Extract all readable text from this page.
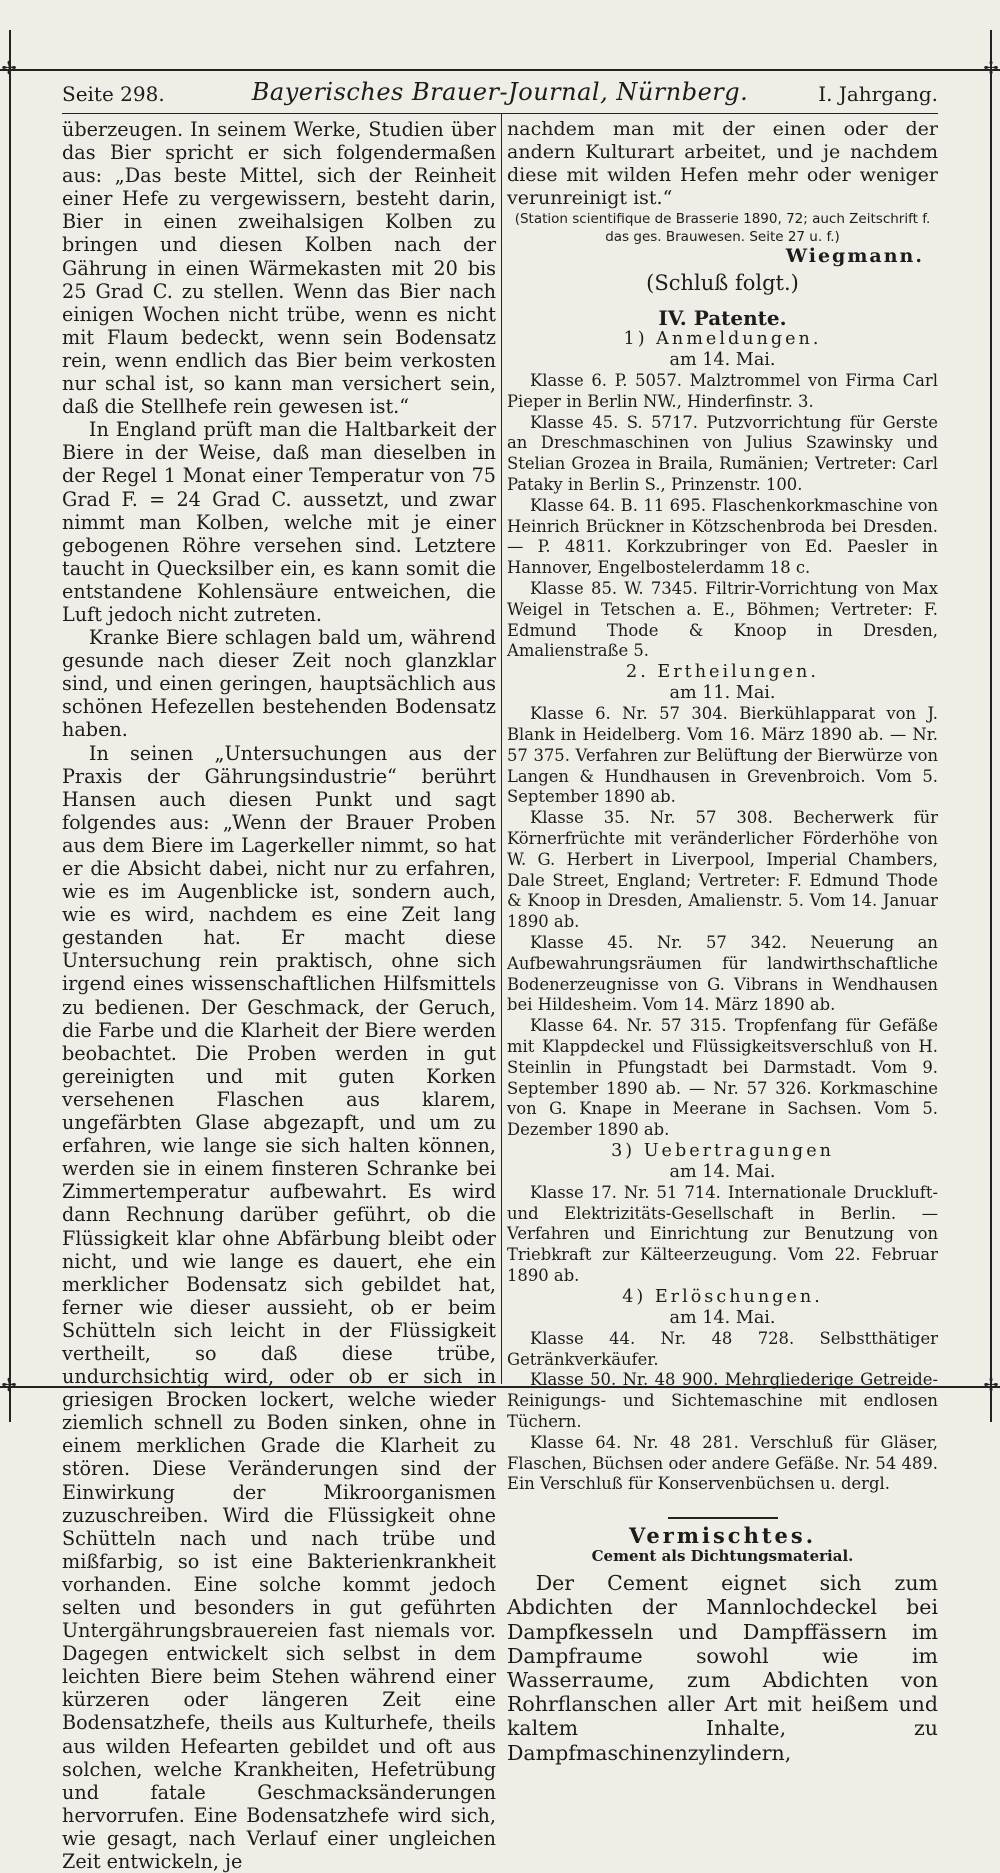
✢	✢
Seite 298.	Bayerisches Brauer-Journal, Nürnberg.	I. Jahrgang.
✢	✢

überzeugen. In seinem Werke, Studien über das Bier spricht er sich folgendermaßen aus: „Das beste Mittel, sich der Reinheit einer Hefe zu vergewissern, besteht darin, Bier in einen zweihalsigen Kolben zu bringen und diesen Kolben nach der Gährung in einen Wärmekasten mit 20 bis 25 Grad C. zu stellen. Wenn das Bier nach einigen Wochen nicht trübe, wenn es nicht mit Flaum bedeckt, wenn sein Bodensatz rein, wenn endlich das Bier beim verkosten nur schal ist, so kann man versichert sein, daß die Stellhefe rein gewesen ist.“

In England prüft man die Haltbarkeit der Biere in der Weise, daß man dieselben in der Regel 1 Monat einer Temperatur von 75 Grad F. = 24 Grad C. aussetzt, und zwar nimmt man Kolben, welche mit je einer gebogenen Röhre versehen sind. Letztere taucht in Quecksilber ein, es kann somit die entstandene Kohlensäure entweichen, die Luft jedoch nicht zutreten.

Kranke Biere schlagen bald um, während gesunde nach dieser Zeit noch glanzklar sind, und einen geringen, hauptsächlich aus schönen Hefezellen bestehenden Bodensatz haben.

In seinen „Untersuchungen aus der Praxis der Gährungsindustrie“ berührt Hansen auch diesen Punkt und sagt folgendes aus: „Wenn der Brauer Proben aus dem Biere im Lagerkeller nimmt, so hat er die Absicht dabei, nicht nur zu erfahren, wie es im Augenblicke ist, sondern auch, wie es wird, nachdem es eine Zeit lang gestanden hat. Er macht diese Untersuchung rein praktisch, ohne sich irgend eines wissenschaftlichen Hilfsmittels zu bedienen. Der Geschmack, der Geruch, die Farbe und die Klarheit der Biere werden beobachtet. Die Proben werden in gut gereinigten und mit guten Korken versehenen Flaschen aus klarem, ungefärbten Glase abgezapft, und um zu erfahren, wie lange sie sich halten können, werden sie in einem finsteren Schranke bei Zimmertemperatur aufbewahrt. Es wird dann Rechnung darüber geführt, ob die Flüssigkeit klar ohne Abfärbung bleibt oder nicht, und wie lange es dauert, ehe ein merklicher Bodensatz sich gebildet hat, ferner wie dieser aussieht, ob er beim Schütteln sich leicht in der Flüssigkeit vertheilt, so daß diese trübe, undurchsichtig wird, oder ob er sich in griesigen Brocken lockert, welche wieder ziemlich schnell zu Boden sinken, ohne in einem merklichen Grade die Klarheit zu stören. Diese Veränderungen sind der Einwirkung der Mikroorganismen zuzuschreiben. Wird die Flüssigkeit ohne Schütteln nach und nach trübe und mißfarbig, so ist eine Bakterienkrankheit vorhanden. Eine solche kommt jedoch selten und besonders in gut geführten Untergährungsbrauereien fast niemals vor. Dagegen entwickelt sich selbst in dem leichten Biere beim Stehen während einer kürzeren oder längeren Zeit eine Bodensatzhefe, theils aus Kulturhefe, theils aus wilden Hefearten gebildet und oft aus solchen, welche Krankheiten, Hefetrübung und fatale Geschmacksänderungen hervorrufen. Eine Bodensatzhefe wird sich, wie gesagt, nach Verlauf einer ungleichen Zeit entwickeln, je

nachdem man mit der einen oder der andern Kulturart arbeitet, und je nachdem diese mit wilden Hefen mehr oder weniger verunreinigt ist.“

(Station scientifique de Brasserie 1890, 72; auch Zeitschrift f. das ges. Brauwesen. Seite 27 u. f.)

Wiegmann.

(Schluß folgt.)

IV. Patente.

1) Anmeldungen.

am 14. Mai.

Klasse 6. P. 5057. Malztrommel von Firma Carl Pieper in Berlin NW., Hinderfinstr. 3.

Klasse 45. S. 5717. Putzvorrichtung für Gerste an Dreschmaschinen von Julius Szawinsky und Stelian Grozea in Braila, Rumänien; Vertreter: Carl Pataky in Berlin S., Prinzenstr. 100.

Klasse 64. B. 11 695. Flaschenkorkmaschine von Heinrich Brückner in Kötzschenbroda bei Dresden. — P. 4811. Korkzubringer von Ed. Paesler in Hannover, Engelbostelerdamm 18 c.

Klasse 85. W. 7345. Filtrir-Vorrichtung von Max Weigel in Tetschen a. E., Böhmen; Vertreter: F. Edmund Thode & Knoop in Dresden, Amalienstraße 5.

2. Ertheilungen.

am 11. Mai.

Klasse 6. Nr. 57 304. Bierkühlapparat von J. Blank in Heidelberg. Vom 16. März 1890 ab. — Nr. 57 375. Verfahren zur Belüftung der Bierwürze von Langen & Hundhausen in Grevenbroich. Vom 5. September 1890 ab.

Klasse 35. Nr. 57 308. Becherwerk für Körnerfrüchte mit veränderlicher Förderhöhe von W. G. Herbert in Liverpool, Imperial Chambers, Dale Street, England; Vertreter: F. Edmund Thode & Knoop in Dresden, Amalienstr. 5. Vom 14. Januar 1890 ab.

Klasse 45. Nr. 57 342. Neuerung an Aufbewahrungsräumen für landwirthschaftliche Bodenerzeugnisse von G. Vibrans in Wendhausen bei Hildesheim. Vom 14. März 1890 ab.

Klasse 64. Nr. 57 315. Tropfenfang für Gefäße mit Klappdeckel und Flüssigkeitsverschluß von H. Steinlin in Pfungstadt bei Darmstadt. Vom 9. September 1890 ab. — Nr. 57 326. Korkmaschine von G. Knape in Meerane in Sachsen. Vom 5. Dezember 1890 ab.

3) Uebertragungen

am 14. Mai.

Klasse 17. Nr. 51 714. Internationale Druckluft- und Elektrizitäts-Gesellschaft in Berlin. — Verfahren und Einrichtung zur Benutzung von Triebkraft zur Kälteerzeugung. Vom 22. Februar 1890 ab.

4) Erlöschungen.

am 14. Mai.

Klasse 44. Nr. 48 728. Selbstthätiger Getränkverkäufer.

Klasse 50. Nr. 48 900. Mehrgliederige Getreide-Reinigungs- und Sichtemaschine mit endlosen Tüchern.

Klasse 64. Nr. 48 281. Verschluß für Gläser, Flaschen, Büchsen oder andere Gefäße. Nr. 54 489. Ein Verschluß für Konservenbüchsen u. dergl.

Vermischtes.

Cement als Dichtungsmaterial.

Der Cement eignet sich zum Abdichten der Mannlochdeckel bei Dampfkesseln und Dampffässern im Dampfraume sowohl wie im Wasserraume, zum Abdichten von Rohrflanschen aller Art mit heißem und kaltem Inhalte, zu Dampfmaschinenzylindern,
